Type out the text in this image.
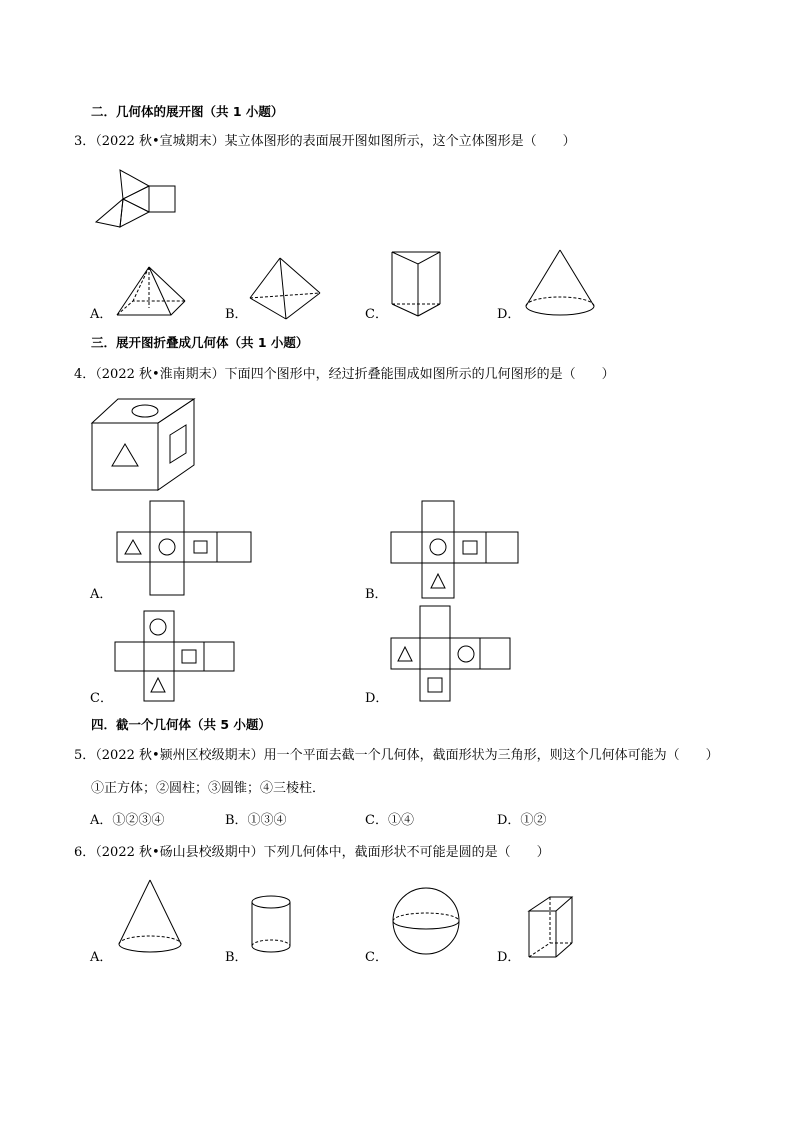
二．几何体的展开图（共 1 小题）
3．（2022 秋•宣城期末）某立体图形的表面展开图如图所示，这个立体图形是（　　）
A．	B．	C．	D．
三．展开图折叠成几何体（共 1 小题）
4．（2022 秋•淮南期末）下面四个图形中，经过折叠能围成如图所示的几何图形的是（　　）
A．	B．
C．	D．
四．截一个几何体（共 5 小题）
5．（2022 秋•颍州区校级期末）用一个平面去截一个几何体，截面形状为三角形，则这个几何体可能为（　　）
①正方体；②圆柱；③圆锥；④三棱柱．
A．①②③④	B．①③④	C．①④	D．①②
6．（2022 秋•砀山县校级期中）下列几何体中，截面形状不可能是圆的是（　　）
A．	B．	C．	D．
